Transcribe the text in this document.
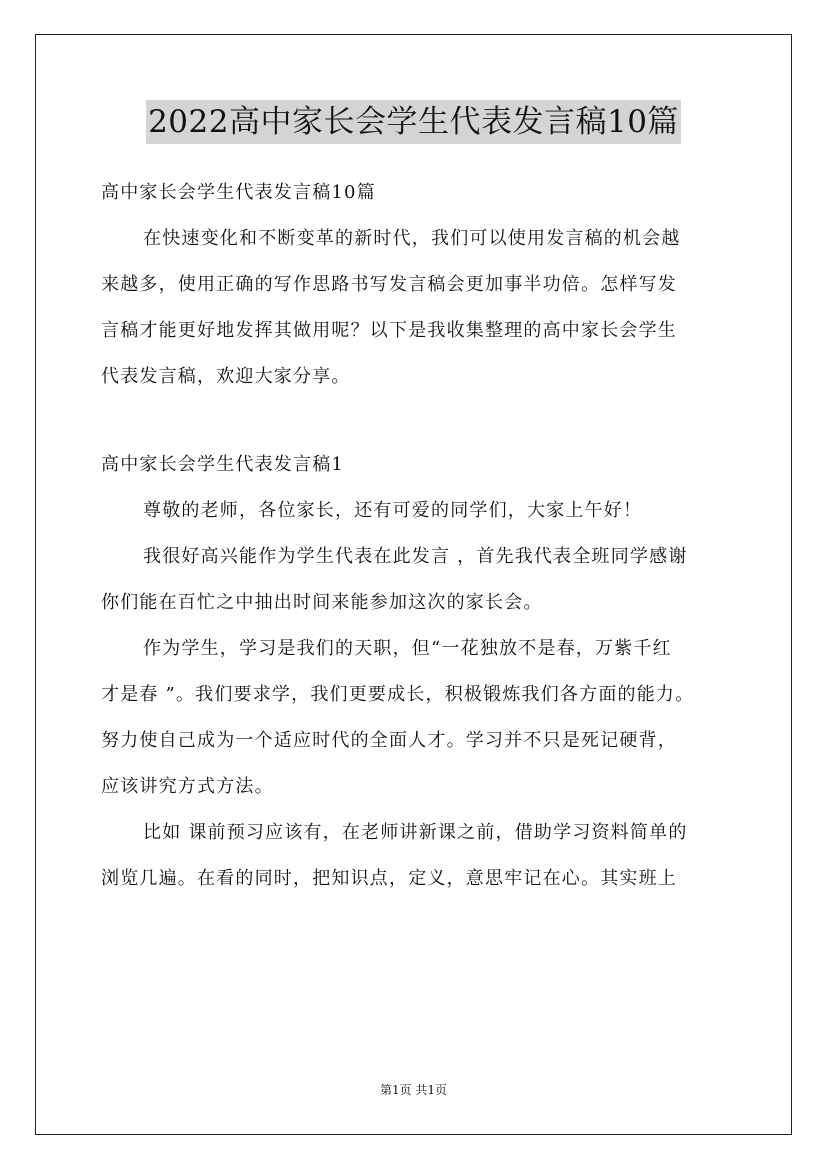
2022高中家长会学生代表发言稿10篇

高中家长会学生代表发言稿10篇

在快速变化和不断变革的新时代，我们可以使用发言稿的机会越

来越多，使用正确的写作思路书写发言稿会更加事半功倍。怎样写发

言稿才能更好地发挥其做用呢？以下是我收集整理的高中家长会学生

代表发言稿，欢迎大家分享。

高中家长会学生代表发言稿1

尊敬的老师，各位家长，还有可爱的同学们，大家上午好！

我很好高兴能作为学生代表在此发言 ，首先我代表全班同学感谢

你们能在百忙之中抽出时间来能参加这次的家长会。

作为学生，学习是我们的天职，但“一花独放不是春，万紫千红

才是春 ”。我们要求学，我们更要成长，积极锻炼我们各方面的能力。

努力使自己成为一个适应时代的全面人才。学习并不只是死记硬背，

应该讲究方式方法。

比如 课前预习应该有，在老师讲新课之前，借助学习资料简单的

浏览几遍。在看的同时，把知识点，定义，意思牢记在心。其实班上

第1页 共1页
